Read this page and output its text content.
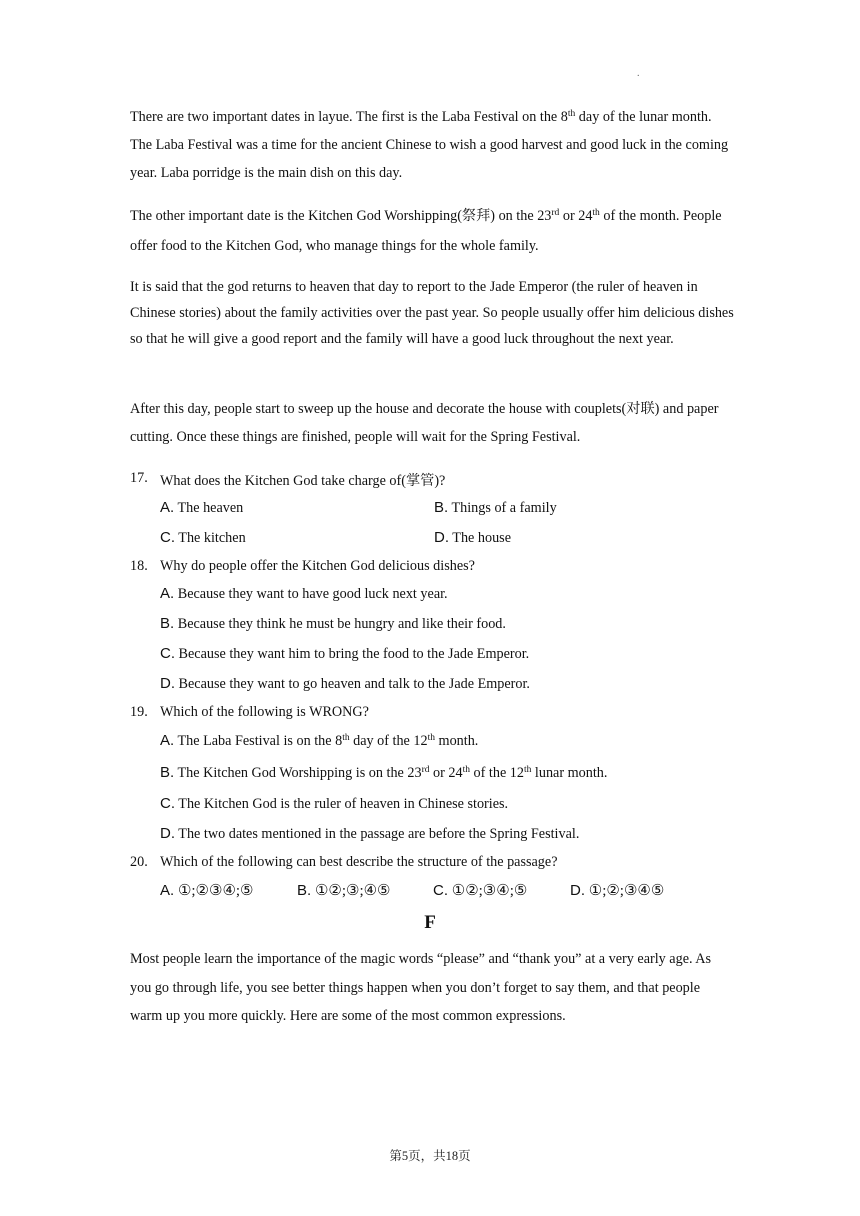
.

There are two important dates in layue. The first is the Laba Festival on the 8th day of the lunar month. The Laba Festival was a time for the ancient Chinese to wish a good harvest and good luck in the coming year. Laba porridge is the main dish on this day.

The other important date is the Kitchen God Worshipping(祭拜) on the 23rd or 24th of the month. People offer food to the Kitchen God, who manage things for the whole family.

It is said that the god returns to heaven that day to report to the Jade Emperor (the ruler of heaven in Chinese stories) about the family activities over the past year. So people usually offer him delicious dishes so that he will give a good report and the family will have a good luck throughout the next year.

After this day, people start to sweep up the house and decorate the house with couplets(对联) and paper cutting. Once these things are finished, people will wait for the Spring Festival.

17. What does the Kitchen God take charge of(掌管)?
A. The heaven	B. Things of a family
C. The kitchen	D. The house
18. Why do people offer the Kitchen God delicious dishes?
A. Because they want to have good luck next year.
B. Because they think he must be hungry and like their food.
C. Because they want him to bring the food to the Jade Emperor.
D. Because they want to go heaven and talk to the Jade Emperor.
19. Which of the following is WRONG?
A. The Laba Festival is on the 8th day of the 12th month.
B. The Kitchen God Worshipping is on the 23rd or 24th of the 12th lunar month.
C. The Kitchen God is the ruler of heaven in Chinese stories.
D. The two dates mentioned in the passage are before the Spring Festival.
20. Which of the following can best describe the structure of the passage?
A. ①;②③④;⑤	B. ①②;③;④⑤	C. ①②;③④;⑤	D. ①;②;③④⑤
F

Most people learn the importance of the magic words “please” and “thank you” at a very early age. As you go through life, you see better things happen when you don’t forget to say them, and that people warm up you more quickly. Here are some of the most common expressions.

第5页，共18页
